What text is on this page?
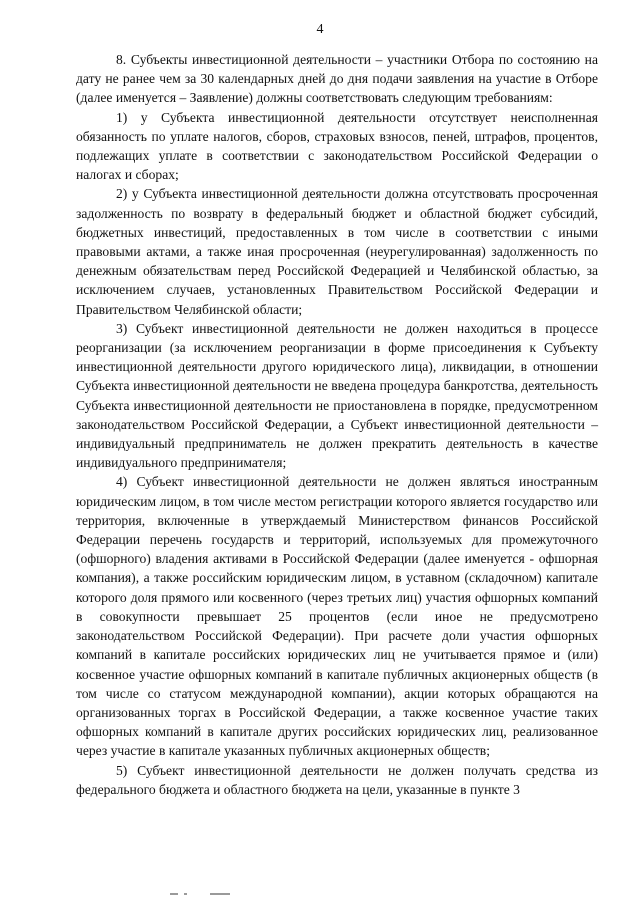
4

8. Субъекты инвестиционной деятельности – участники Отбора по состоянию на дату не ранее чем за 30 календарных дней до дня подачи заявления на участие в Отборе (далее именуется – Заявление) должны соответствовать следующим требованиям:

1) у Субъекта инвестиционной деятельности отсутствует неисполненная обязанность по уплате налогов, сборов, страховых взносов, пеней, штрафов, процентов, подлежащих уплате в соответствии с законодательством Российской Федерации о налогах и сборах;

2) у Субъекта инвестиционной деятельности должна отсутствовать просроченная задолженность по возврату в федеральный бюджет и областной бюджет субсидий, бюджетных инвестиций, предоставленных в том числе в соответствии с иными правовыми актами, а также иная просроченная (неурегулированная) задолженность по денежным обязательствам перед Российской Федерацией и Челябинской областью, за исключением случаев, установленных Правительством Российской Федерации и Правительством Челябинской области;

3) Субъект инвестиционной деятельности не должен находиться в процессе реорганизации (за исключением реорганизации в форме присоединения к Субъекту инвестиционной деятельности другого юридического лица), ликвидации, в отношении Субъекта инвестиционной деятельности не введена процедура банкротства, деятельность Субъекта инвестиционной деятельности не приостановлена в порядке, предусмотренном законодательством Российской Федерации, а Субъект инвестиционной деятельности – индивидуальный предприниматель не должен прекратить деятельность в качестве индивидуального предпринимателя;

4) Субъект инвестиционной деятельности не должен являться иностранным юридическим лицом, в том числе местом регистрации которого является государство или территория, включенные в утверждаемый Министерством финансов Российской Федерации перечень государств и территорий, используемых для промежуточного (офшорного) владения активами в Российской Федерации (далее именуется - офшорная компания), а также российским юридическим лицом, в уставном (складочном) капитале которого доля прямого или косвенного (через третьих лиц) участия офшорных компаний в совокупности превышает 25 процентов (если иное не предусмотрено законодательством Российской Федерации). При расчете доли участия офшорных компаний в капитале российских юридических лиц не учитывается прямое и (или) косвенное участие офшорных компаний в капитале публичных акционерных обществ (в том числе со статусом международной компании), акции которых обращаются на организованных торгах в Российской Федерации, а также косвенное участие таких офшорных компаний в капитале других российских юридических лиц, реализованное через участие в капитале указанных публичных акционерных обществ;

5) Субъект инвестиционной деятельности не должен получать средства из федерального бюджета и областного бюджета на цели, указанные в пункте 3
